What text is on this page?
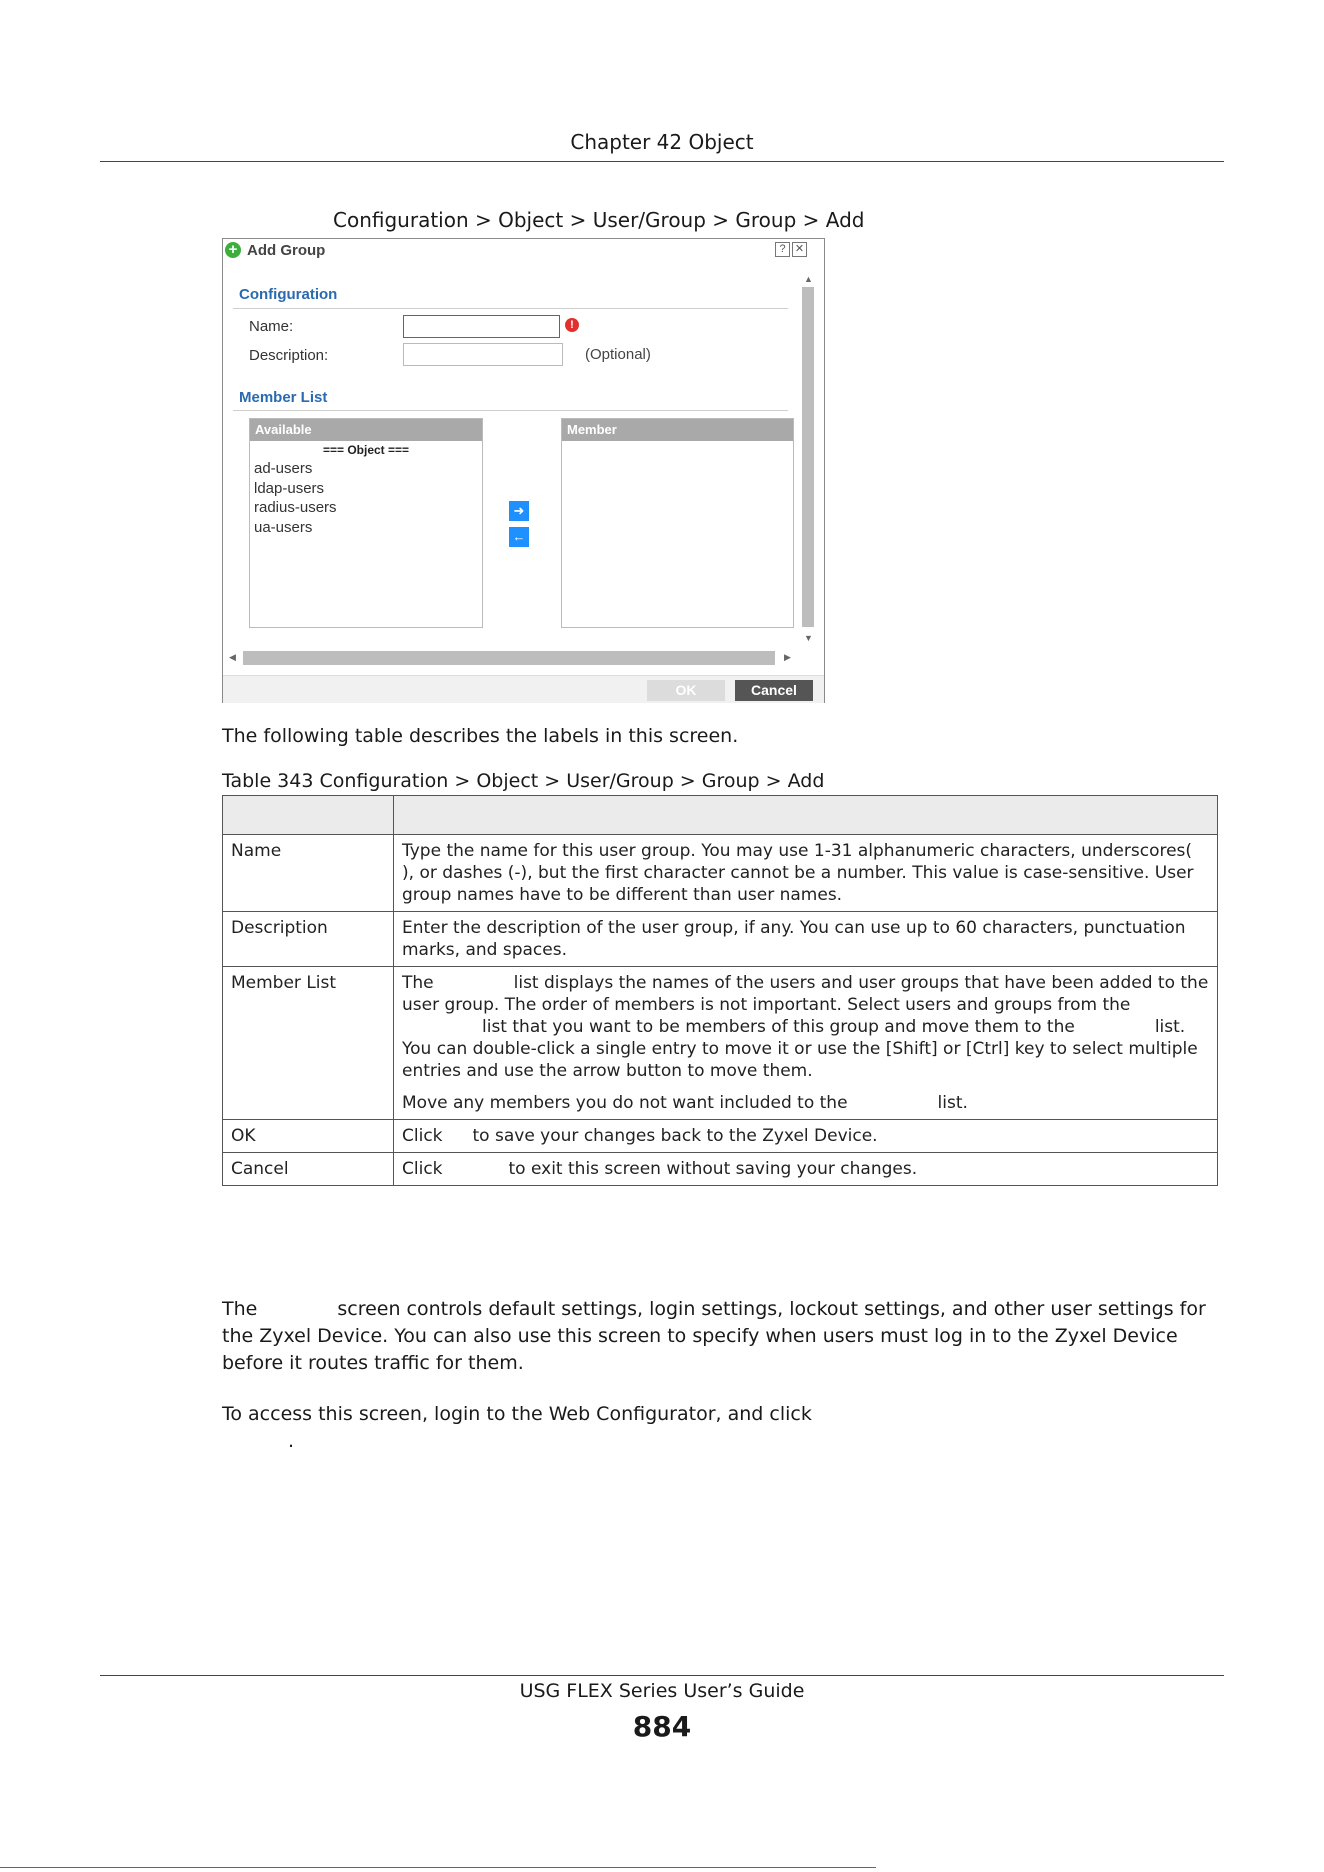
Chapter 42 Object
Configuration > Object > User/Group > Group > Add
+ Add Group	? ✕
Configuration
Name:	!
Description:	(Optional)
Member List
Available
=== Object ===
ad-users
ldap-users
radius-users
ua-users
➜
←
Member
▲
▼
◀	▶
OK	Cancel
The following table describes the labels in this screen.
Table 343 Configuration > Object > User/Group > Group > Add

Name	Type the name for this user group. You may use 1-31 alphanumeric characters, underscores(), or dashes (-), but the first character cannot be a number. This value is case-sensitive. User group names have to be different than user names.
Description	Enter the description of the user group, if any. You can use up to 60 characters, punctuation marks, and spaces.
Member List	The list displays the names of the users and user groups that have been added to the user group. The order of members is not important. Select users and groups from thelist that you want to be members of this group and move them to the list. You can double-click a single entry to move it or use the [Shift] or [Ctrl] key to select multiple entries and use the arrow button to move them.
Move any members you do not want included to the list.

OK	Click to save your changes back to the Zyxel Device.
Cancel	Click to exit this screen without saving your changes.
The	screen controls default settings, login settings, lockout settings, and other user settings for the Zyxel Device. You can also use this screen to specify when users must log in to the Zyxel Device before it routes traffic for them.
To access this screen, login to the Web Configurator, and click
.
USG FLEX Series User’s Guide
884
